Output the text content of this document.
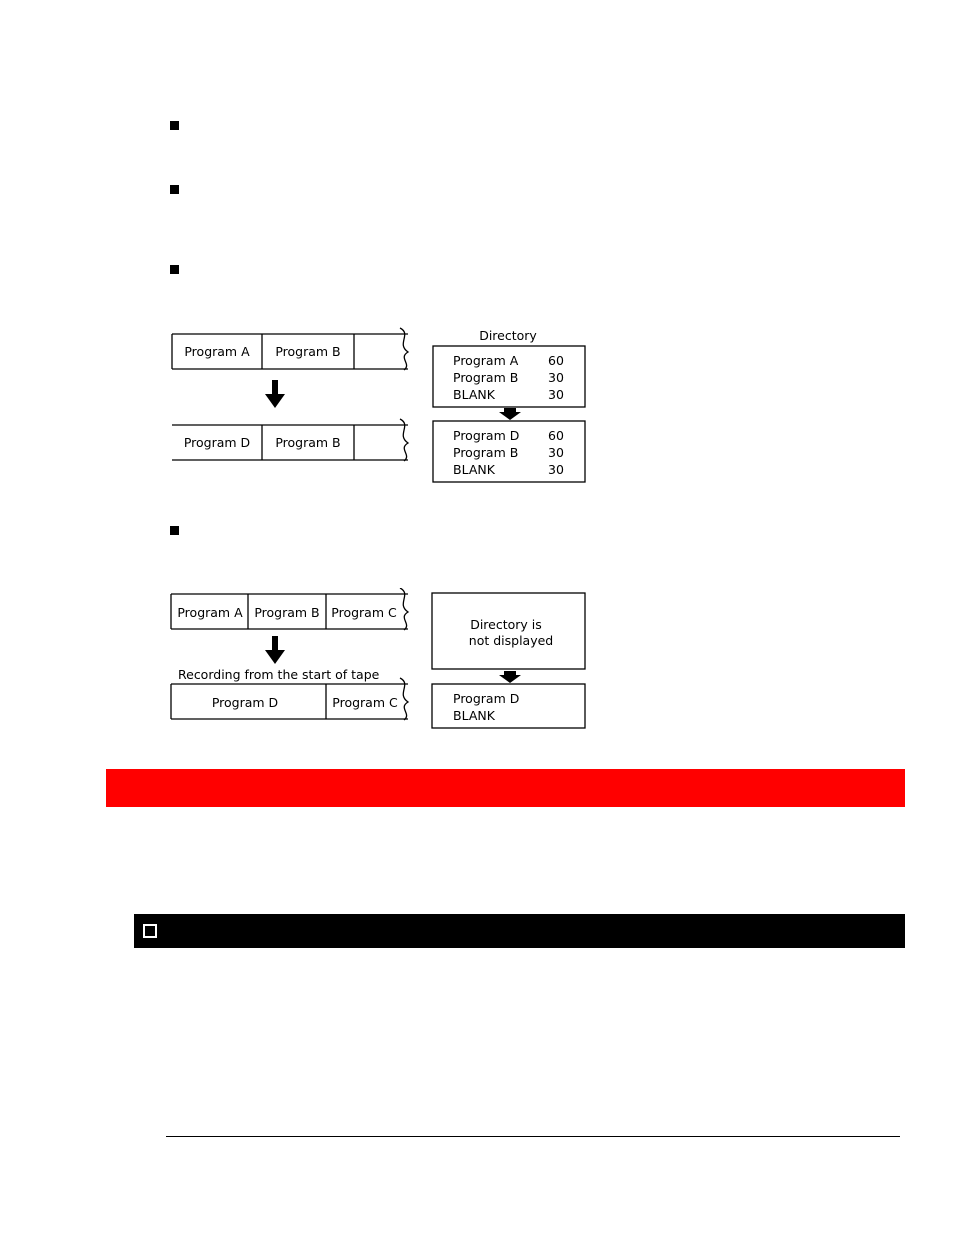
Program A Program B
Program D Program B
Directory
Program A 60
Program B 30
BLANK	30
Program D 60
Program B 30
BLANK	30
Program A Program B Program C
Recording from the start of tape
Program D	Program C
Directory is
not displayed
Program D
BLANK
